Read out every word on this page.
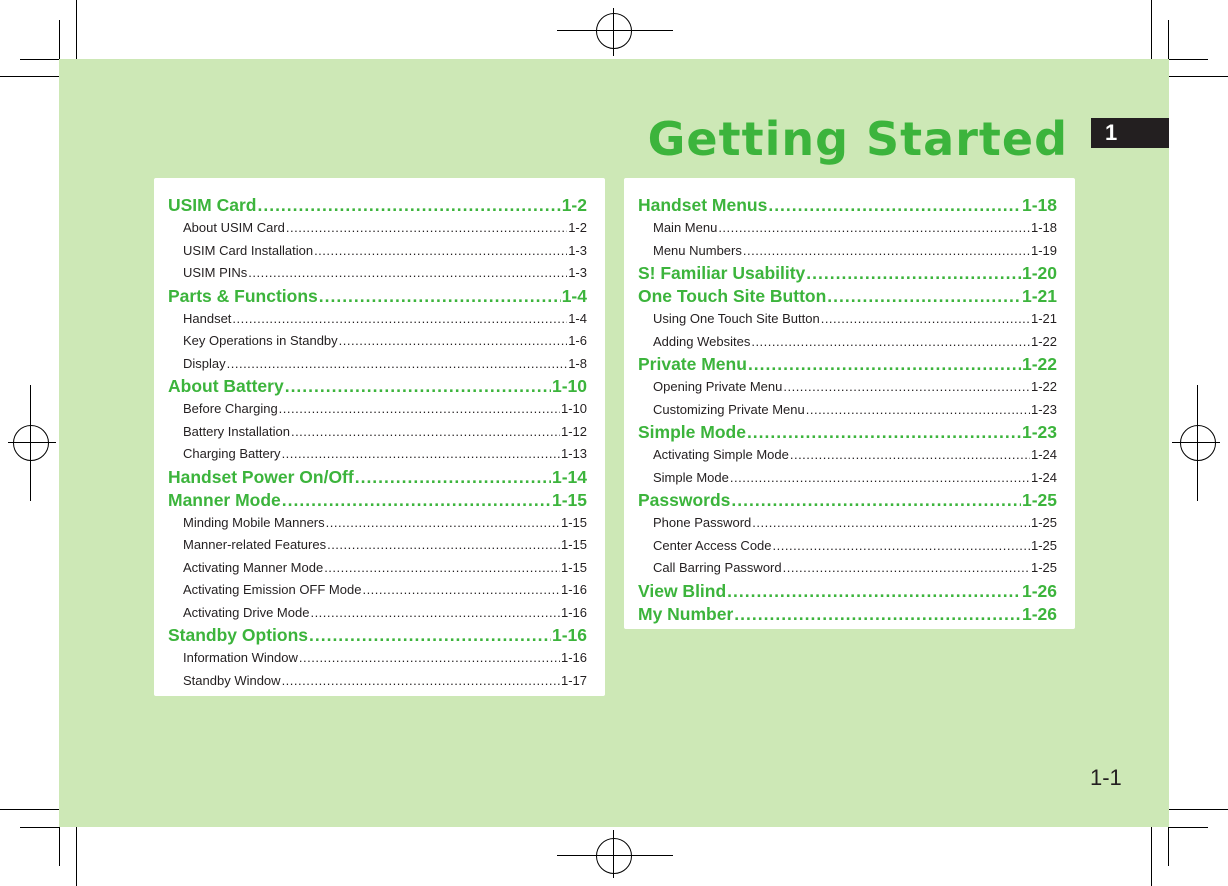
1
Getting Started
USIM Card .....	1-2
About USIM Card .....	1-2
USIM Card Installation .....	1-3
USIM PINs .....	1-3
Parts & Functions .....	1-4
Handset .....	1-4
Key Operations in Standby .....	1-6
Display .....	1-8
About Battery .....	1-10
Before Charging .....	1-10
Battery Installation .....	1-12
Charging Battery .....	1-13
Handset Power On/Off .....	1-14
Manner Mode .....	1-15
Minding Mobile Manners .....	1-15
Manner-related Features .....	1-15
Activating Manner Mode .....	1-15
Activating Emission OFF Mode .....	1-16
Activating Drive Mode .....	1-16
Standby Options .....	1-16
Information Window .....	1-16
Standby Window .....	1-17
Handset Menus .....	1-18
Main Menu .....	1-18
Menu Numbers .....	1-19
S! Familiar Usability .....	1-20
One Touch Site Button .....	1-21
Using One Touch Site Button .....	1-21
Adding Websites .....	1-22
Private Menu .....	1-22
Opening Private Menu .....	1-22
Customizing Private Menu .....	1-23
Simple Mode .....	1-23
Activating Simple Mode .....	1-24
Simple Mode .....	1-24
Passwords .....	1-25
Phone Password .....	1-25
Center Access Code .....	1-25
Call Barring Password .....	1-25
View Blind .....	1-26
My Number .....	1-26
1-1
